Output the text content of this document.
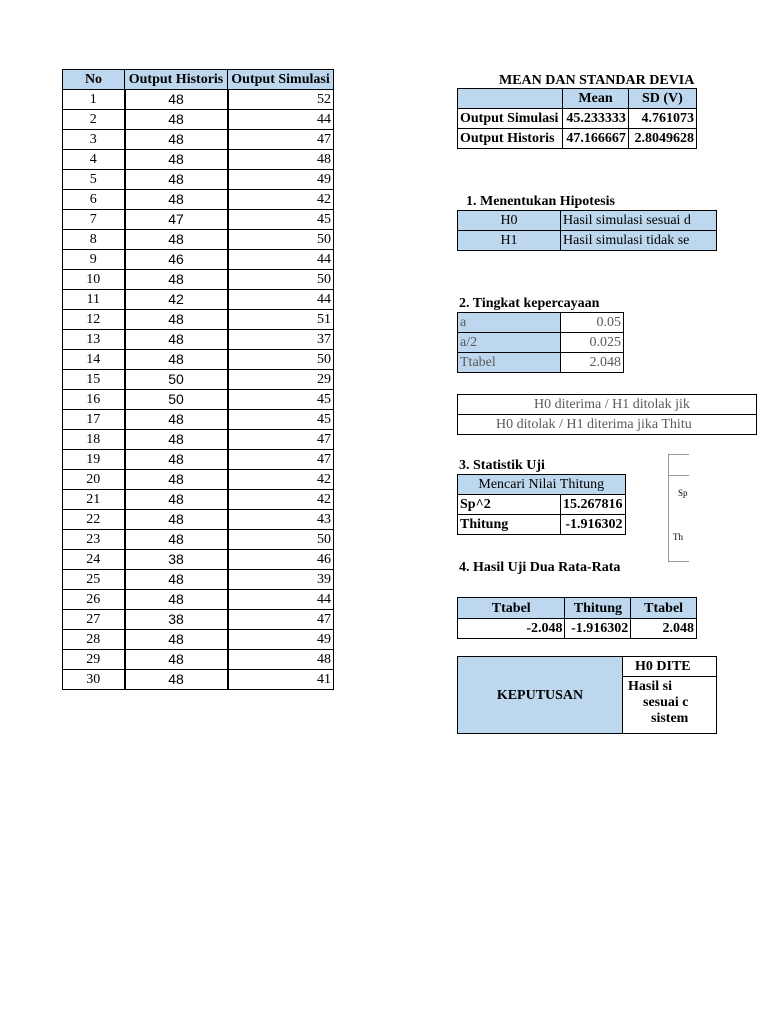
No	Output Historis	Output Simulasi
1	48	52
2	48	44
3	48	47
4	48	48
5	48	49
6	48	42
7	47	45
8	48	50
9	46	44
10	48	50
11	42	44
12	48	51
13	48	37
14	48	50
15	50	29
16	50	45
17	48	45
18	48	47
19	48	47
20	48	42
21	48	42
22	48	43
23	48	50
24	38	46
25	48	39
26	48	44
27	38	47
28	48	49
29	48	48
30	48	41
MEAN DAN STANDAR DEVIA
	Mean	SD (V)
Output Simulasi	45.233333	4.761073
Output Historis	47.166667	2.8049628
1. Menentukan Hipotesis
H0	Hasil simulasi sesuai d
H1	Hasil simulasi tidak se
2. Tingkat kepercayaan
a	0.05
a/2	0.025
Ttabel	2.048
H0 diterima / H1 ditolak jik
H0 ditolak / H1 diterima jika Thitu
3. Statistik Uji
Mencari Nilai Thitung	
Sp^2	15.267816
Thitung	-1.916302
Sp
Th
4. Hasil Uji Dua Rata-Rata
Ttabel	Thitung	Ttabel
-2.048	-1.916302	2.048
KEPUTUSAN	H0 DITE

Hasil si
sesuai c
sistem
